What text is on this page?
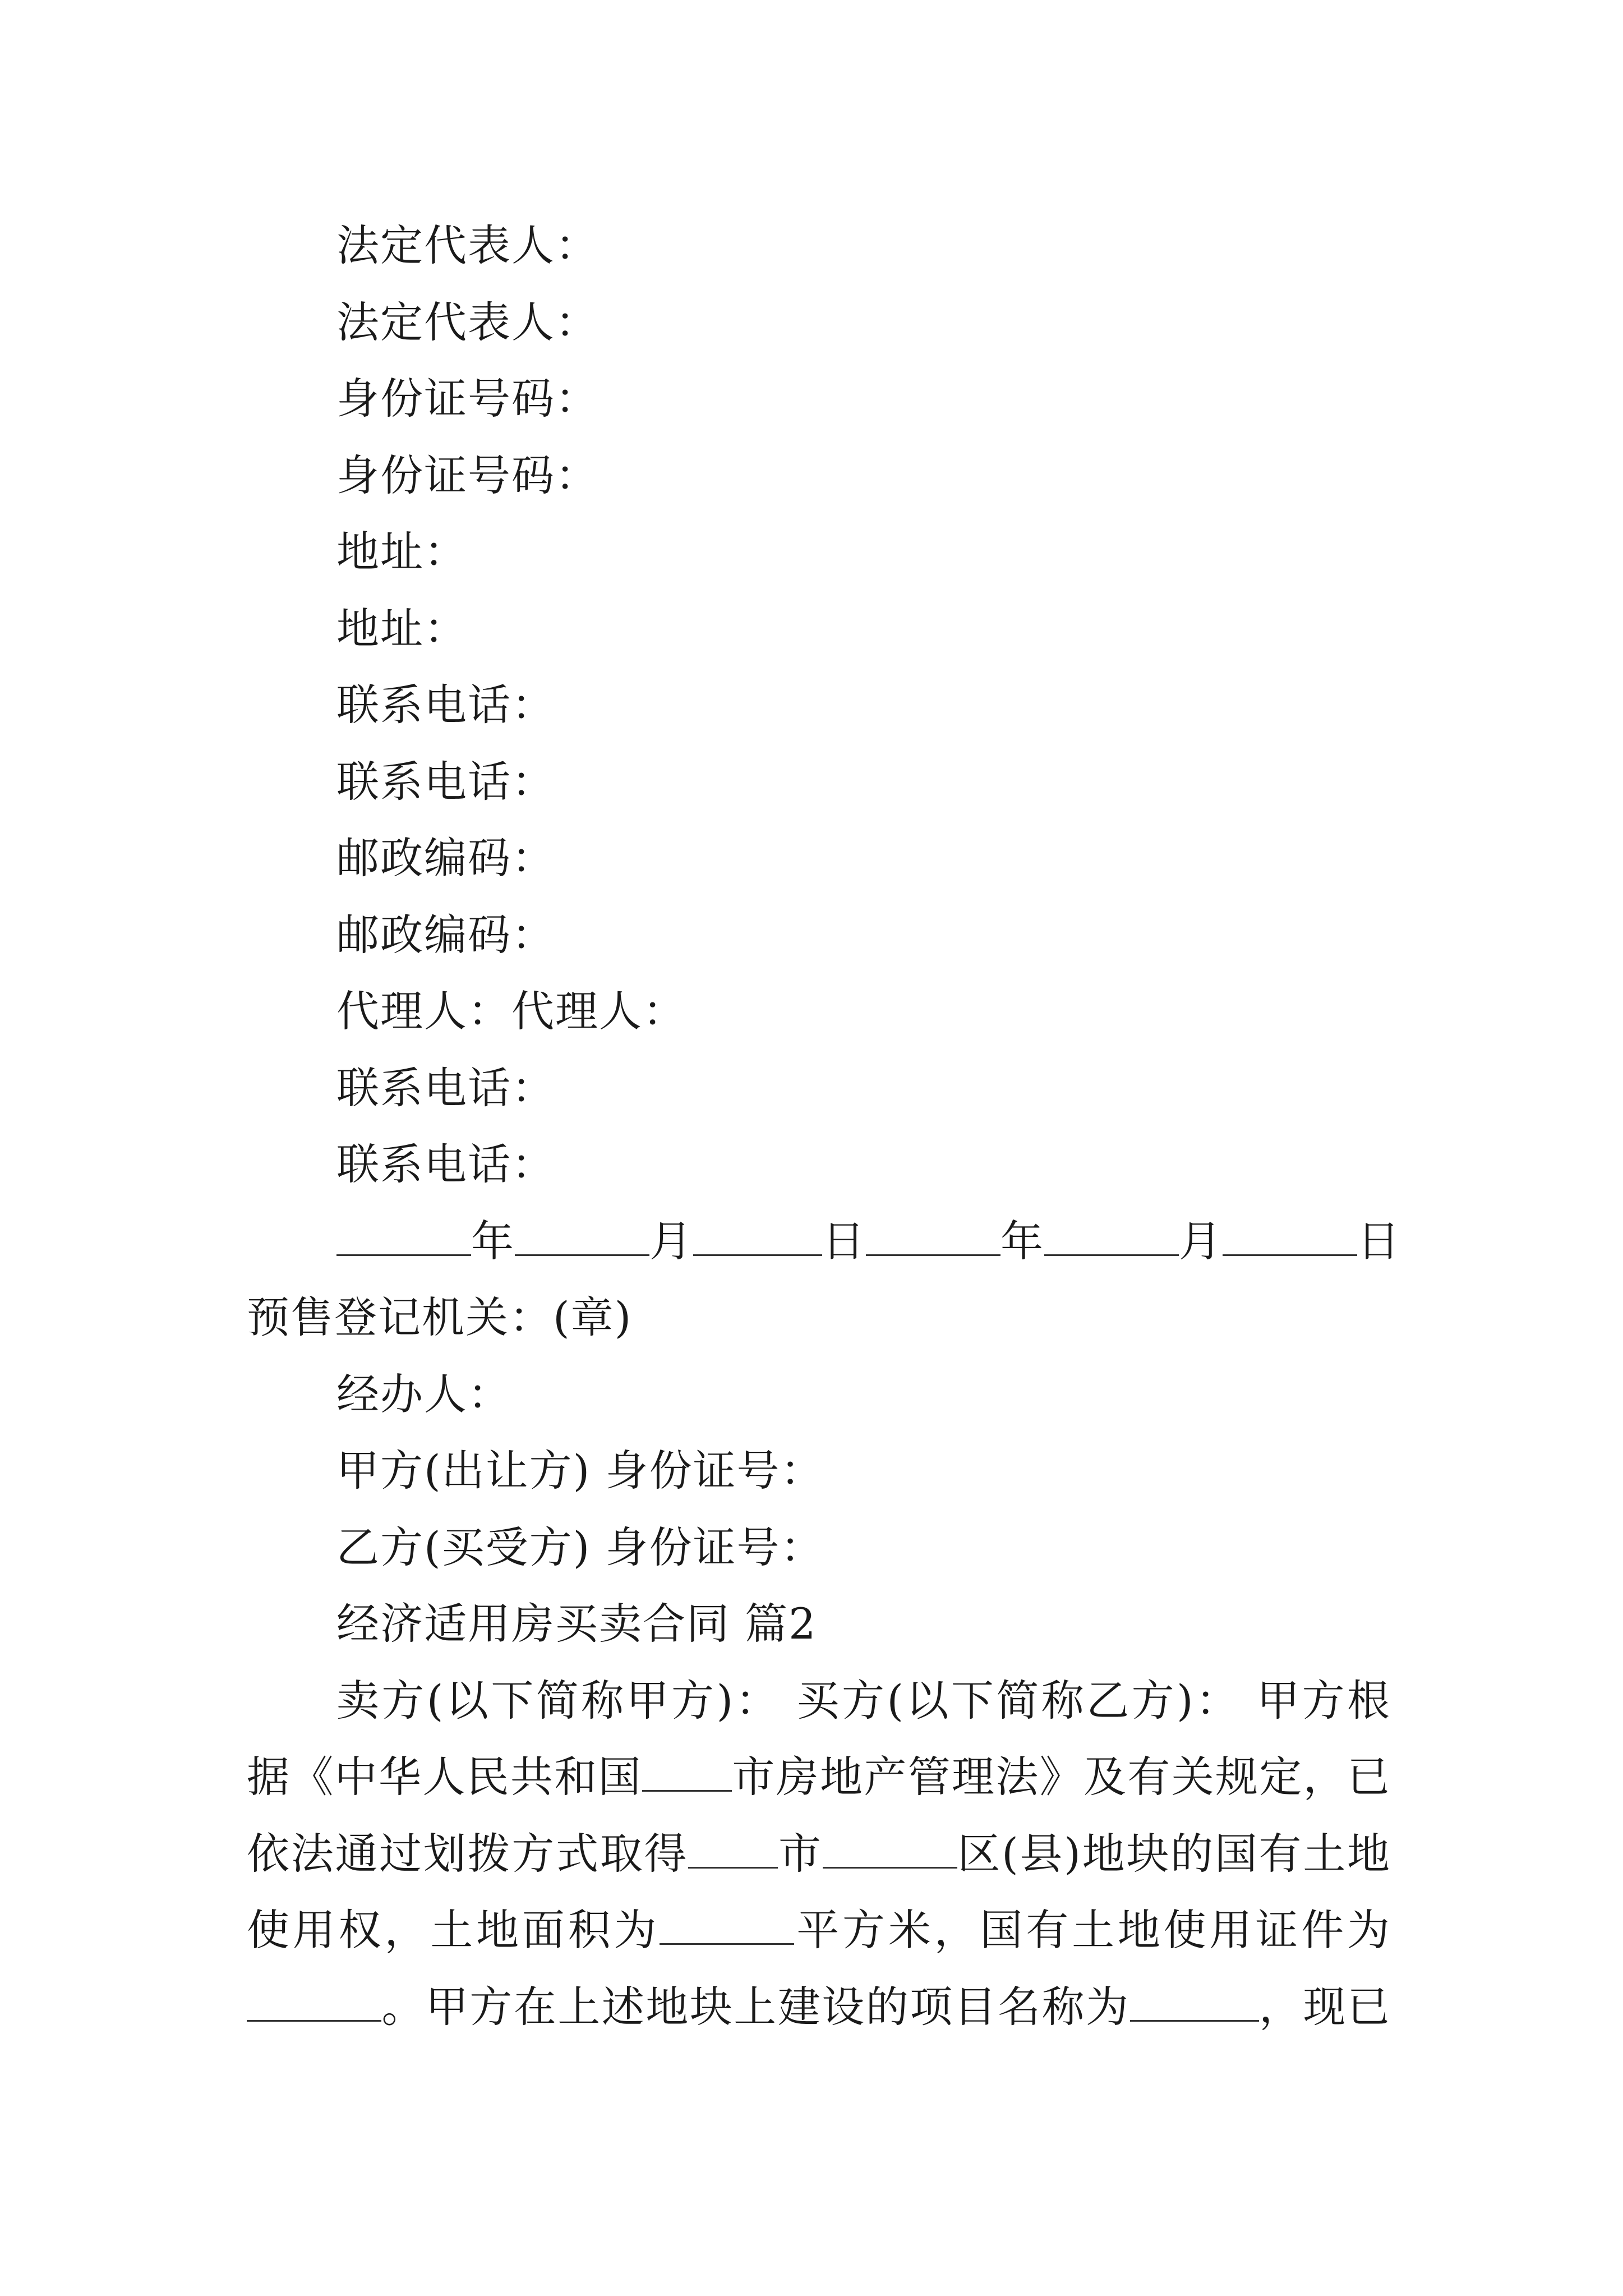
法定代表人：
法定代表人：
身份证号码：
身份证号码：
地址：
地址：
联系电话：
联系电话：
邮政编码：
邮政编码：
代理人：代理人：
联系电话：
联系电话：
年	月	日	年	月	日
预售登记机关：(章)
经办人：
甲方(出让方) 身份证号：
乙方(买受方) 身份证号：
经济适用房买卖合同 篇2
卖方(以下简称甲方)： 买方(以下简称乙方)： 甲方根
据《中华人民共和国 市房地产管理法》及有关规定，已
依法通过划拨方式取得 市	区(县)地块的国有土地
使用权，土地面积为	平方米，国有土地使用证件为
。甲方在上述地块上建设的项目名称为	，现已
